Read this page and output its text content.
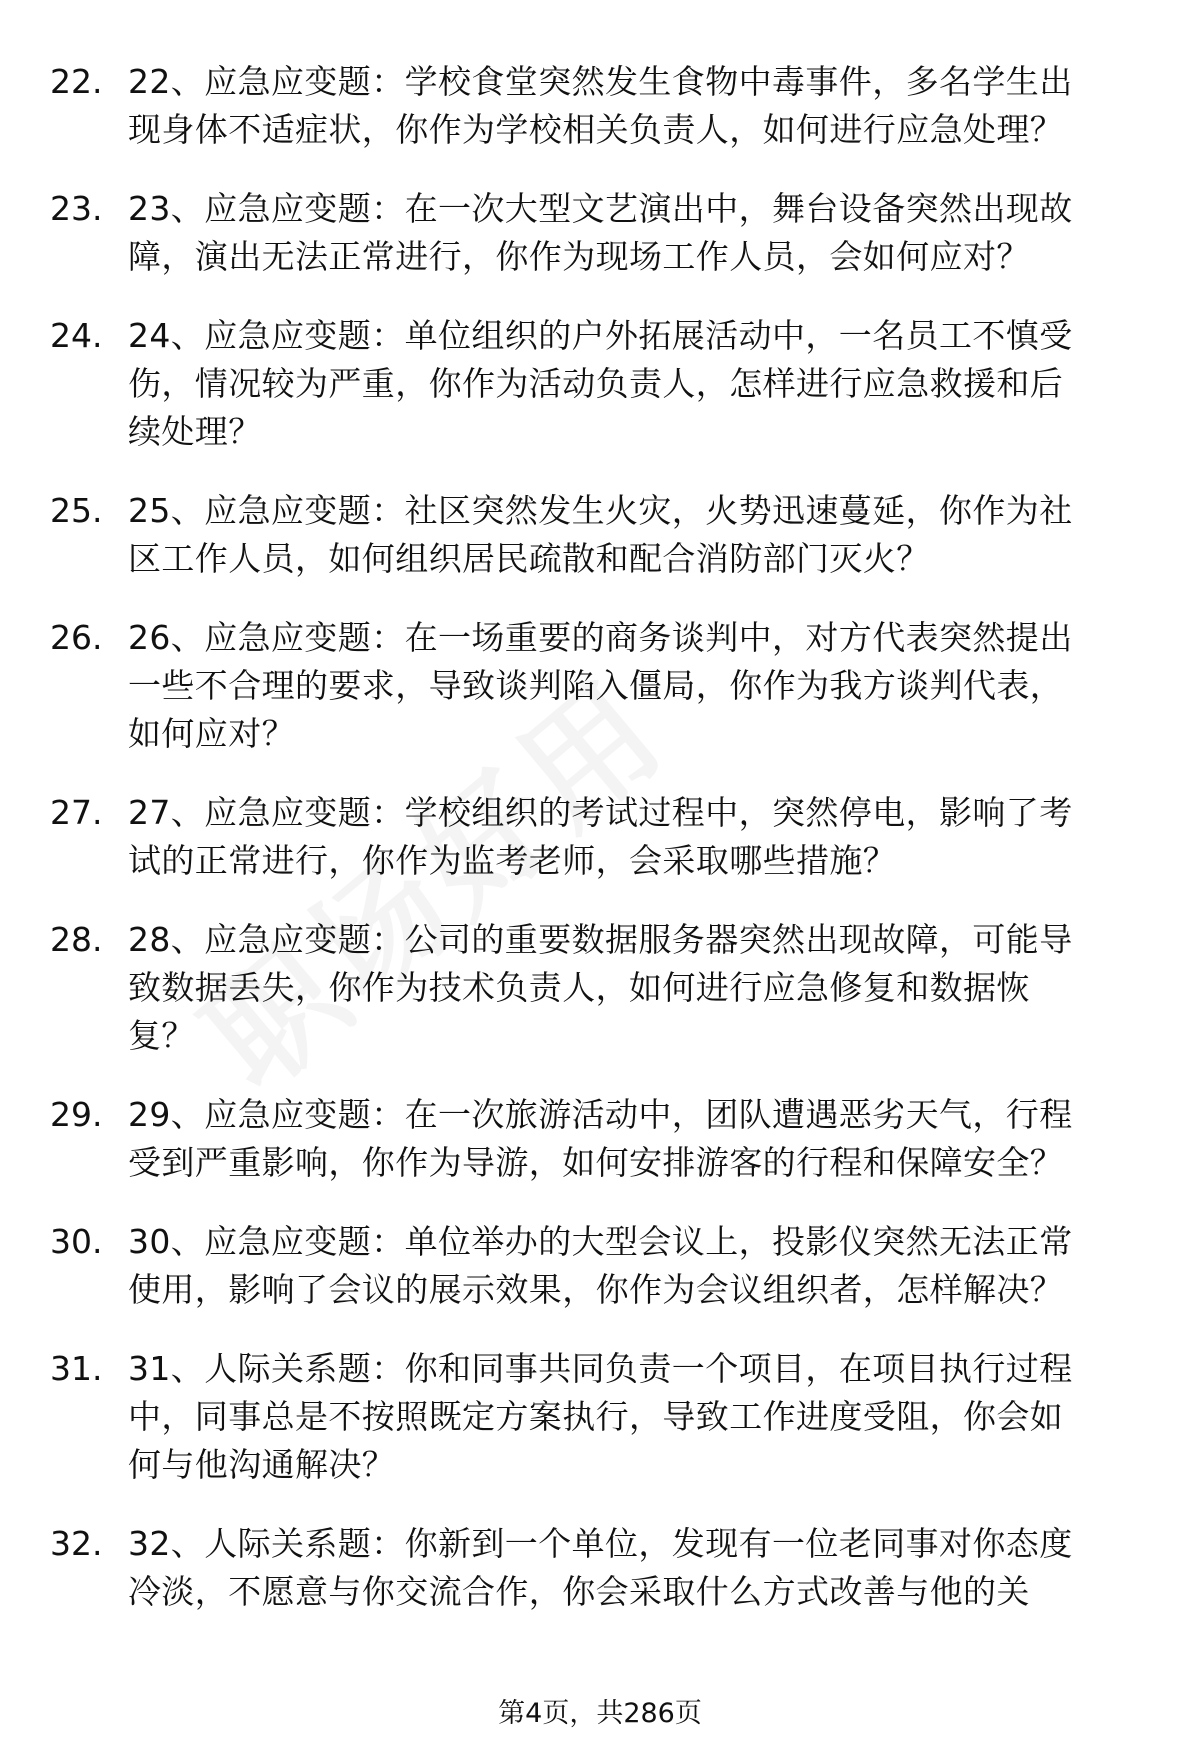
22. 22、应急应变题：学校食堂突然发生食物中毒事件，多名学生出
现身体不适症状，你作为学校相关负责人，如何进行应急处理？
23. 23、应急应变题：在一次大型文艺演出中，舞台设备突然出现故
障，演出无法正常进行，你作为现场工作人员，会如何应对？
24. 24、应急应变题：单位组织的户外拓展活动中，一名员工不慎受
伤，情况较为严重，你作为活动负责人，怎样进行应急救援和后
续处理？
25. 25、应急应变题：社区突然发生火灾，火势迅速蔓延，你作为社
区工作人员，如何组织居民疏散和配合消防部门灭火？
26. 26、应急应变题：在一场重要的商务谈判中，对方代表突然提出
一些不合理的要求，导致谈判陷入僵局，你作为我方谈判代表，
如何应对？
27. 27、应急应变题：学校组织的考试过程中，突然停电，影响了考
试的正常进行，你作为监考老师，会采取哪些措施？
28. 28、应急应变题：公司的重要数据服务器突然出现故障，可能导
致数据丢失，你作为技术负责人，如何进行应急修复和数据恢
复？
29. 29、应急应变题：在一次旅游活动中，团队遭遇恶劣天气，行程
受到严重影响，你作为导游，如何安排游客的行程和保障安全？
30. 30、应急应变题：单位举办的大型会议上，投影仪突然无法正常
使用，影响了会议的展示效果，你作为会议组织者，怎样解决？
31. 31、人际关系题：你和同事共同负责一个项目，在项目执行过程
中，同事总是不按照既定方案执行，导致工作进度受阻，你会如
何与他沟通解决？
32. 32、人际关系题：你新到一个单位，发现有一位老同事对你态度
冷淡，不愿意与你交流合作，你会采取什么方式改善与他的关
第4页，共286页
